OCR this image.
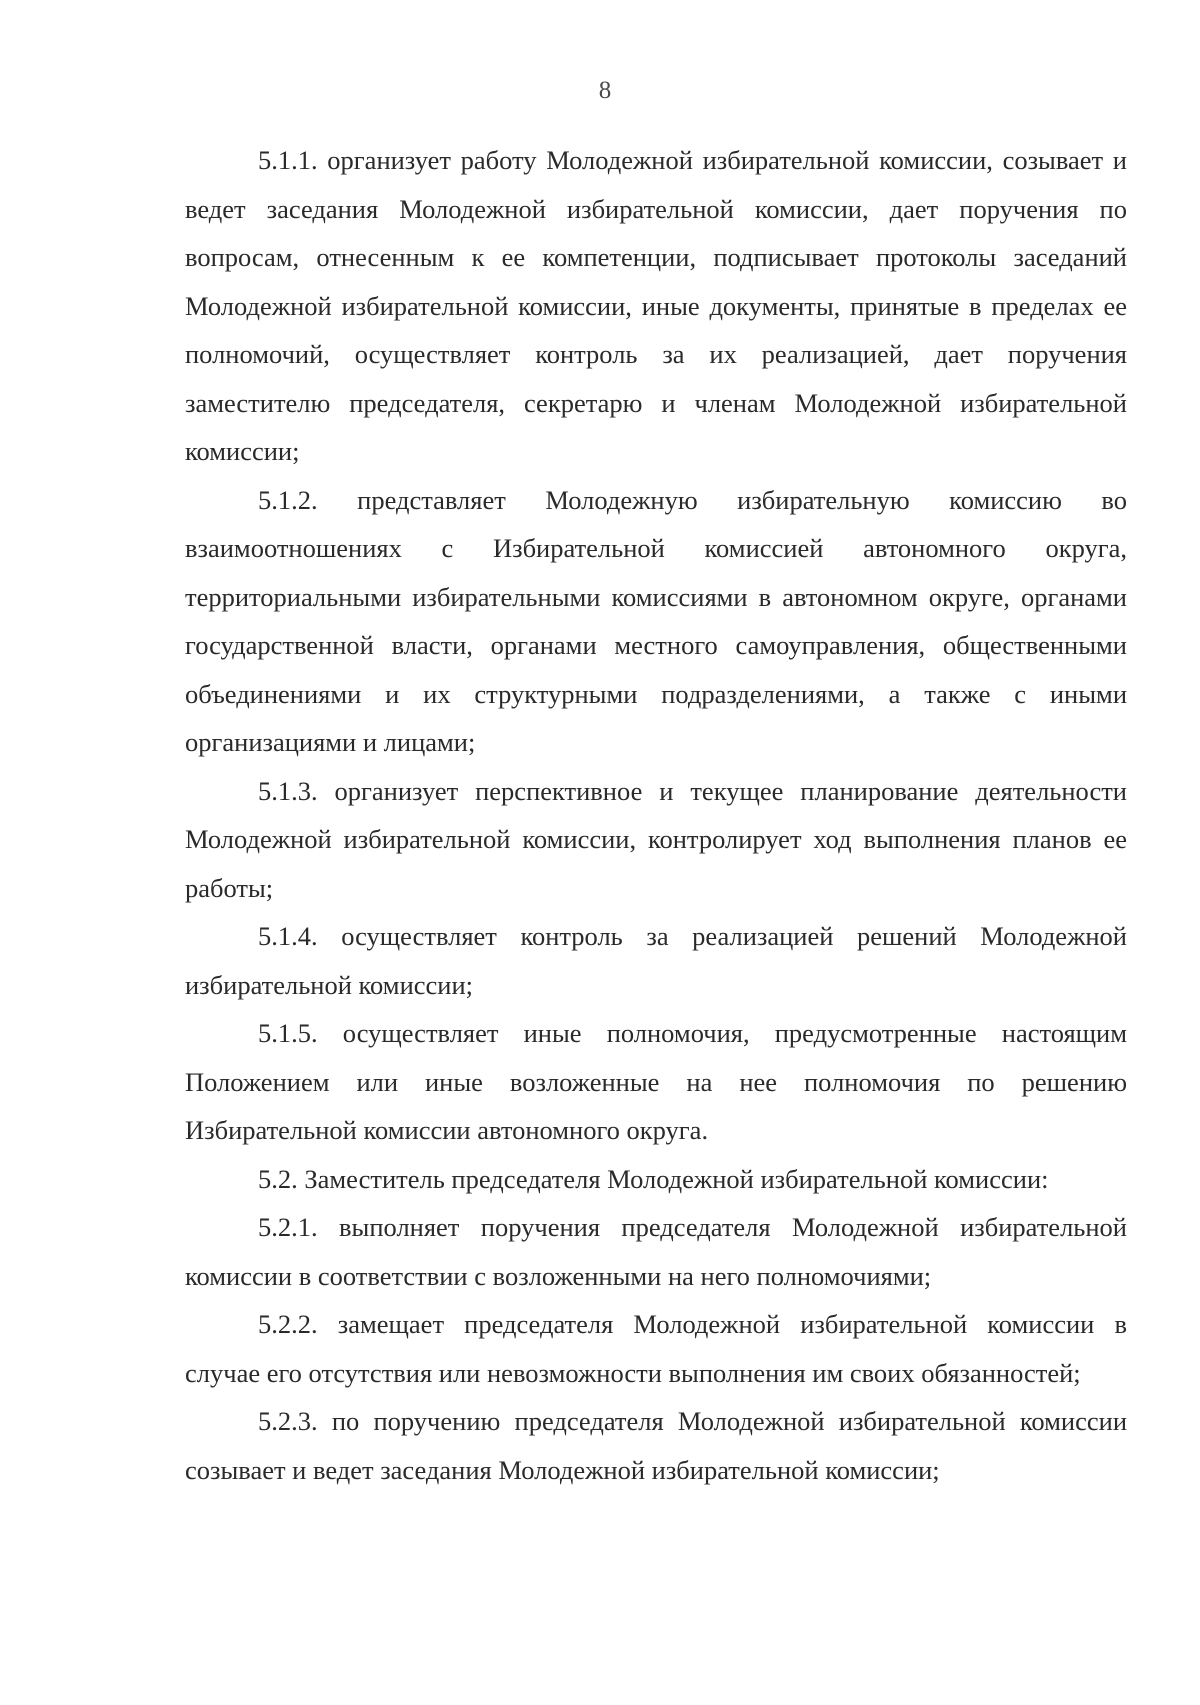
8

5.1.1. организует работу Молодежной избирательной комиссии, созывает и ведет заседания Молодежной избирательной комиссии, дает поручения по вопросам, отнесенным к ее компетенции, подписывает протоколы заседаний Молодежной избирательной комиссии, иные документы, принятые в пределах ее полномочий, осуществляет контроль за их реализацией, дает поручения заместителю председателя, секретарю и членам Молодежной избирательной комиссии;

5.1.2. представляет Молодежную избирательную комиссию во взаимоотношениях с Избирательной комиссией автономного округа, территориальными избирательными комиссиями в автономном округе, органами государственной власти, органами местного самоуправления, общественными объединениями и их структурными подразделениями, а также с иными организациями и лицами;

5.1.3. организует перспективное и текущее планирование деятельности Молодежной избирательной комиссии, контролирует ход выполнения планов ее работы;

5.1.4. осуществляет контроль за реализацией решений Молодежной избирательной комиссии;

5.1.5. осуществляет иные полномочия, предусмотренные настоящим Положением или иные возложенные на нее полномочия по решению Избирательной комиссии автономного округа.

5.2. Заместитель председателя Молодежной избирательной комиссии:

5.2.1. выполняет поручения председателя Молодежной избирательной комиссии в соответствии с возложенными на него полномочиями;

5.2.2. замещает председателя Молодежной избирательной комиссии в случае его отсутствия или невозможности выполнения им своих обязанностей;

5.2.3. по поручению председателя Молодежной избирательной комиссии созывает и ведет заседания Молодежной избирательной комиссии;
